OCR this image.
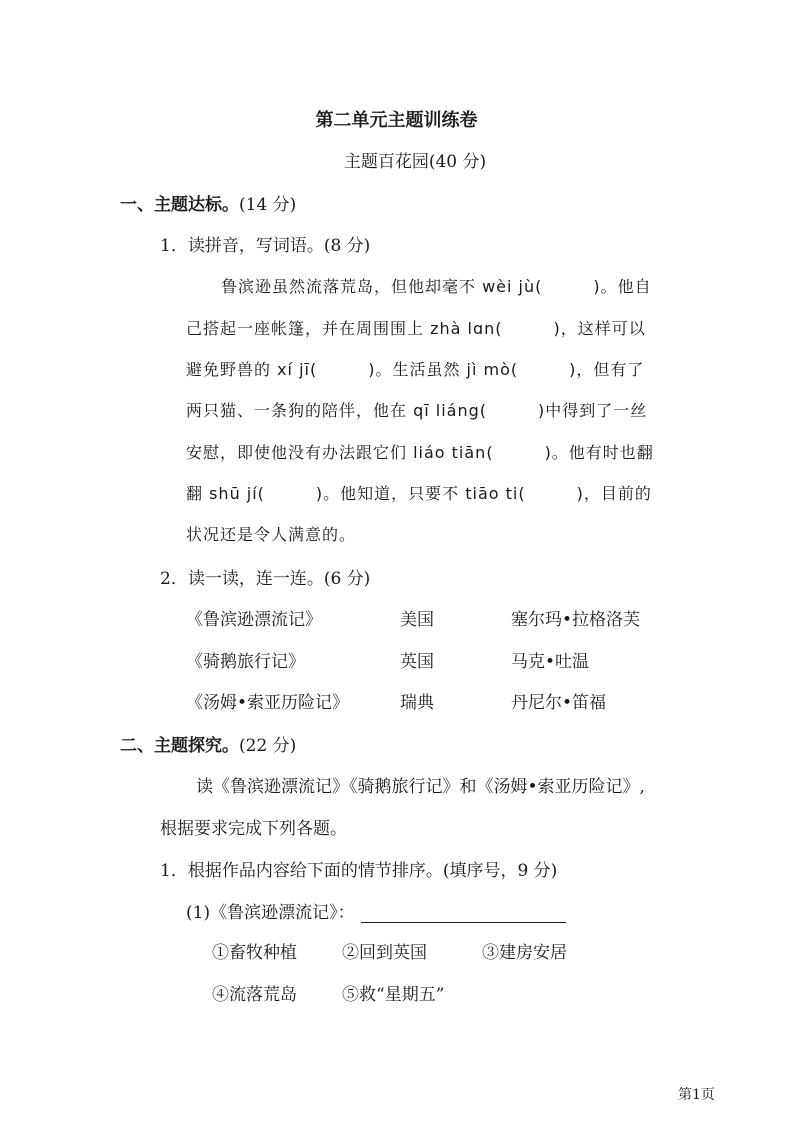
第二单元主题训练卷
主题百花园(40 分)
一、主题达标。(14 分)
1．读拼音，写词语。(8 分)
鲁滨逊虽然流落荒岛，但他却毫不 wèi jù(　　　)。他自
己搭起一座帐篷，并在周围围上 zhà lɑn(　　　)，这样可以
避免野兽的 xí jī(　　　)。生活虽然 jì mò(　　　)，但有了
两只猫、一条狗的陪伴，他在 qī liáng(　　　)中得到了一丝
安慰，即使他没有办法跟它们 liáo tiān(　　　)。他有时也翻
翻 shū jí(　　　)。他知道，只要不 tiāo ti(　　　)，目前的
状况还是令人满意的。
2．读一读，连一连。(6 分)
《鲁滨逊漂流记》	美国	塞尔玛•拉格洛芙
《骑鹅旅行记》	英国	马克•吐温
《汤姆•索亚历险记》	瑞典	丹尼尔•笛福
二、主题探究。(22 分)
读《鲁滨逊漂流记》《骑鹅旅行记》和《汤姆•索亚历险记》,
根据要求完成下列各题。
1．根据作品内容给下面的情节排序。(填序号，9 分)
(1)《鲁滨逊漂流记》：
①畜牧种植	②回到英国	③建房安居
④流落荒岛	⑤救“星期五”
第1页
